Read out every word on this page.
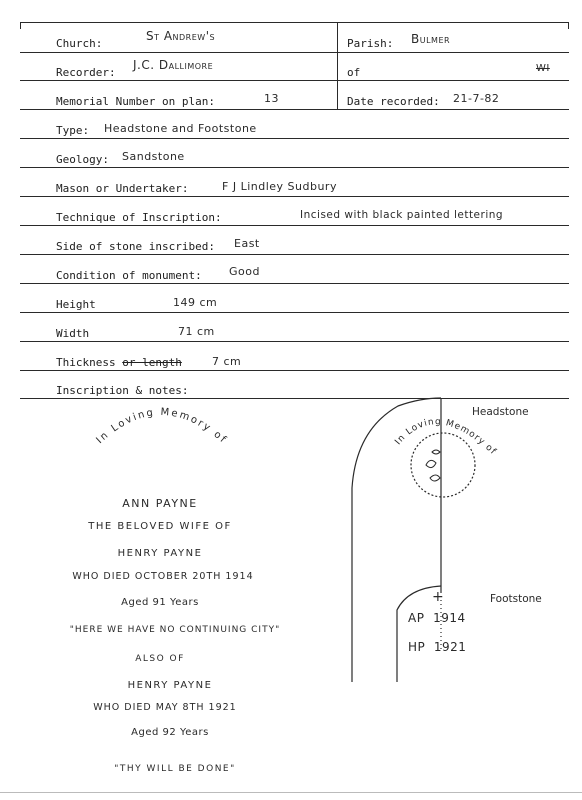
Church:
St Andrew's
Parish: Bulmer
Recorder:
J.C. Dallimore
of	WI
Memorial Number on plan:	13	Date recorded: 21-7-82
Type: Headstone and Footstone
Geology: Sandstone
Mason or Undertaker:	F J Lindley Sudbury
Technique of Inscription:	Incised with black painted lettering
Side of stone inscribed: East
Condition of monument: Good
Height	149 cm
Width	71 cm
Thickness or length	7 cm
Inscription & notes:
In Loving Memory of	In Loving Memory of
Headstone
Footstone
+
AP  1914
HP  1921
ANN PAYNE
THE BELOVED WIFE OF
HENRY PAYNE
WHO DIED OCTOBER 20TH 1914
Aged 91 Years
"HERE WE HAVE NO CONTINUING CITY"
ALSO OF
HENRY PAYNE
WHO DIED MAY 8TH 1921
Aged 92 Years
"THY WILL BE DONE"
